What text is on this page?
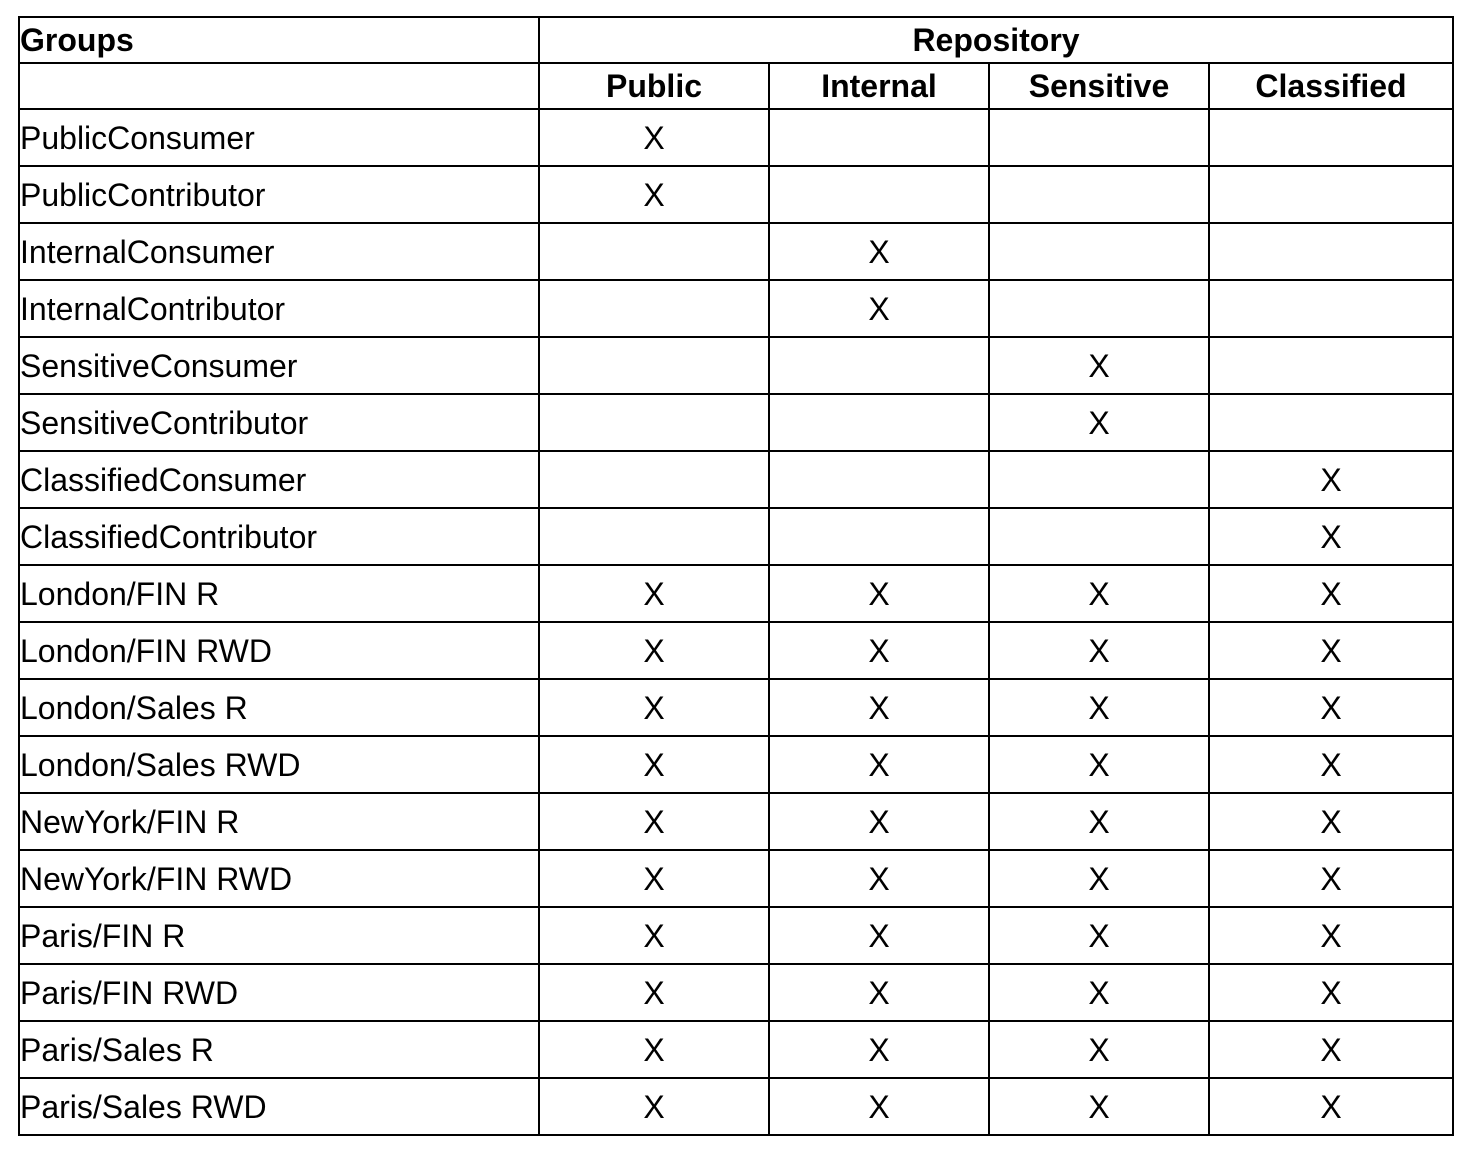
Groups	Repository			
	Public	Internal	Sensitive	Classified
PublicConsumer	X			
PublicContributor	X			
InternalConsumer		X		
InternalContributor		X		
SensitiveConsumer			X	
SensitiveContributor			X	
ClassifiedConsumer				X
ClassifiedContributor				X
London/FIN R	X	X	X	X
London/FIN RWD	X	X	X	X
London/Sales R	X	X	X	X
London/Sales RWD	X	X	X	X
NewYork/FIN R	X	X	X	X
NewYork/FIN RWD	X	X	X	X
Paris/FIN R	X	X	X	X
Paris/FIN RWD	X	X	X	X
Paris/Sales R	X	X	X	X
Paris/Sales RWD	X	X	X	X
